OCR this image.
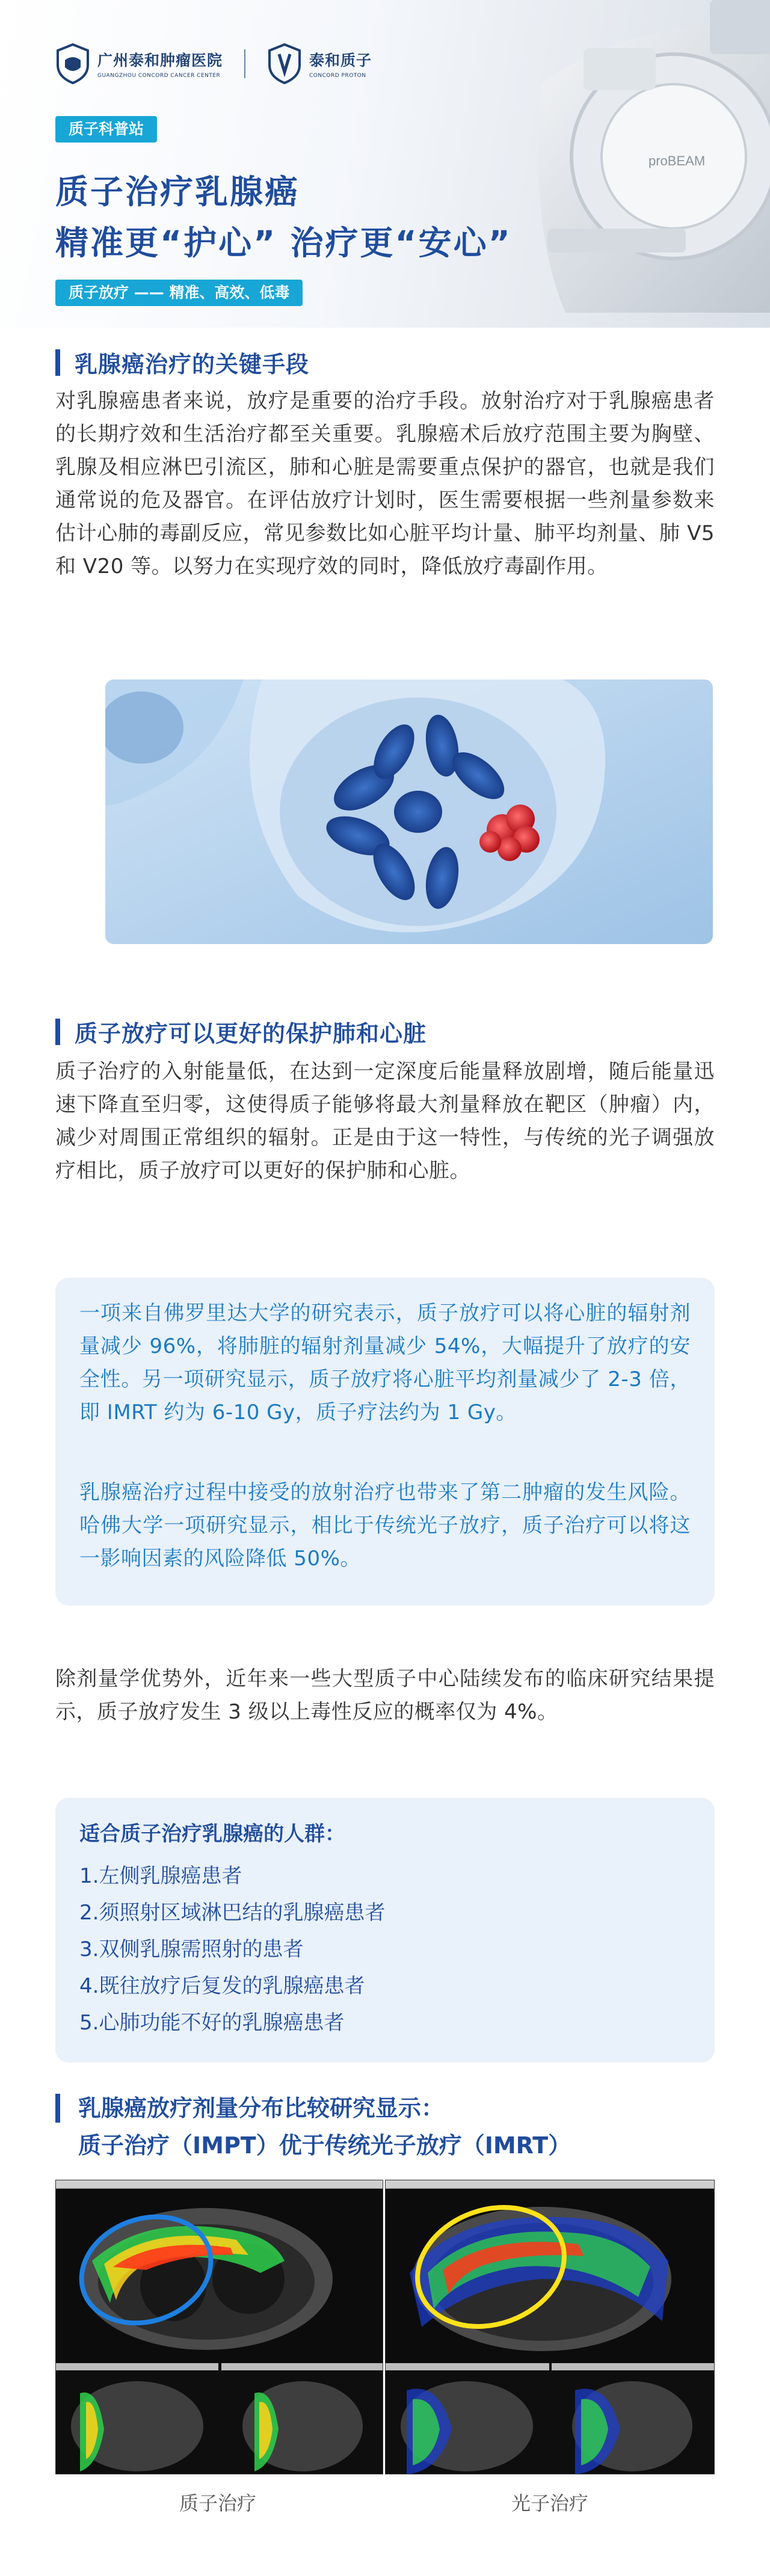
proBEAM
广州泰和肿瘤医院
GUANGZHOU CONCORD CANCER CENTER
泰和质子
CONCORD PROTON
质子科普站
质子治疗乳腺癌
精准更“护心” 治疗更“安心”
质子放疗 —— 精准、高效、低毒
乳腺癌治疗的关键手段
对乳腺癌患者来说，放疗是重要的治疗手段。放射治疗对于乳腺癌患者的长期疗效和生活治疗都至关重要。乳腺癌术后放疗范围主要为胸壁、乳腺及相应淋巴引流区，肺和心脏是需要重点保护的器官，也就是我们通常说的危及器官。在评估放疗计划时，医生需要根据一些剂量参数来估计心肺的毒副反应，常见参数比如心脏平均计量、肺平均剂量、肺 V5 和 V20 等。以努力在实现疗效的同时，降低放疗毒副作用。
质子放疗可以更好的保护肺和心脏
质子治疗的入射能量低，在达到一定深度后能量释放剧增，随后能量迅速下降直至归零，这使得质子能够将最大剂量释放在靶区（肿瘤）内，减少对周围正常组织的辐射。正是由于这一特性，与传统的光子调强放疗相比，质子放疗可以更好的保护肺和心脏。
一项来自佛罗里达大学的研究表示，质子放疗可以将心脏的辐射剂量减少 96%，将肺脏的辐射剂量减少 54%，大幅提升了放疗的安全性。另一项研究显示，质子放疗将心脏平均剂量减少了 2-3 倍，即 IMRT 约为 6-10 Gy，质子疗法约为 1 Gy。
乳腺癌治疗过程中接受的放射治疗也带来了第二肿瘤的发生风险。哈佛大学一项研究显示，相比于传统光子放疗，质子治疗可以将这一影响因素的风险降低 50%。
除剂量学优势外，近年来一些大型质子中心陆续发布的临床研究结果提示，质子放疗发生 3 级以上毒性反应的概率仅为 4%。
适合质子治疗乳腺癌的人群：
1.左侧乳腺癌患者
2.须照射区域淋巴结的乳腺癌患者
3.双侧乳腺需照射的患者
4.既往放疗后复发的乳腺癌患者
5.心肺功能不好的乳腺癌患者
乳腺癌放疗剂量分布比较研究显示：
质子治疗（IMPT）优于传统光子放疗（IMRT）
质子治疗	光子治疗
